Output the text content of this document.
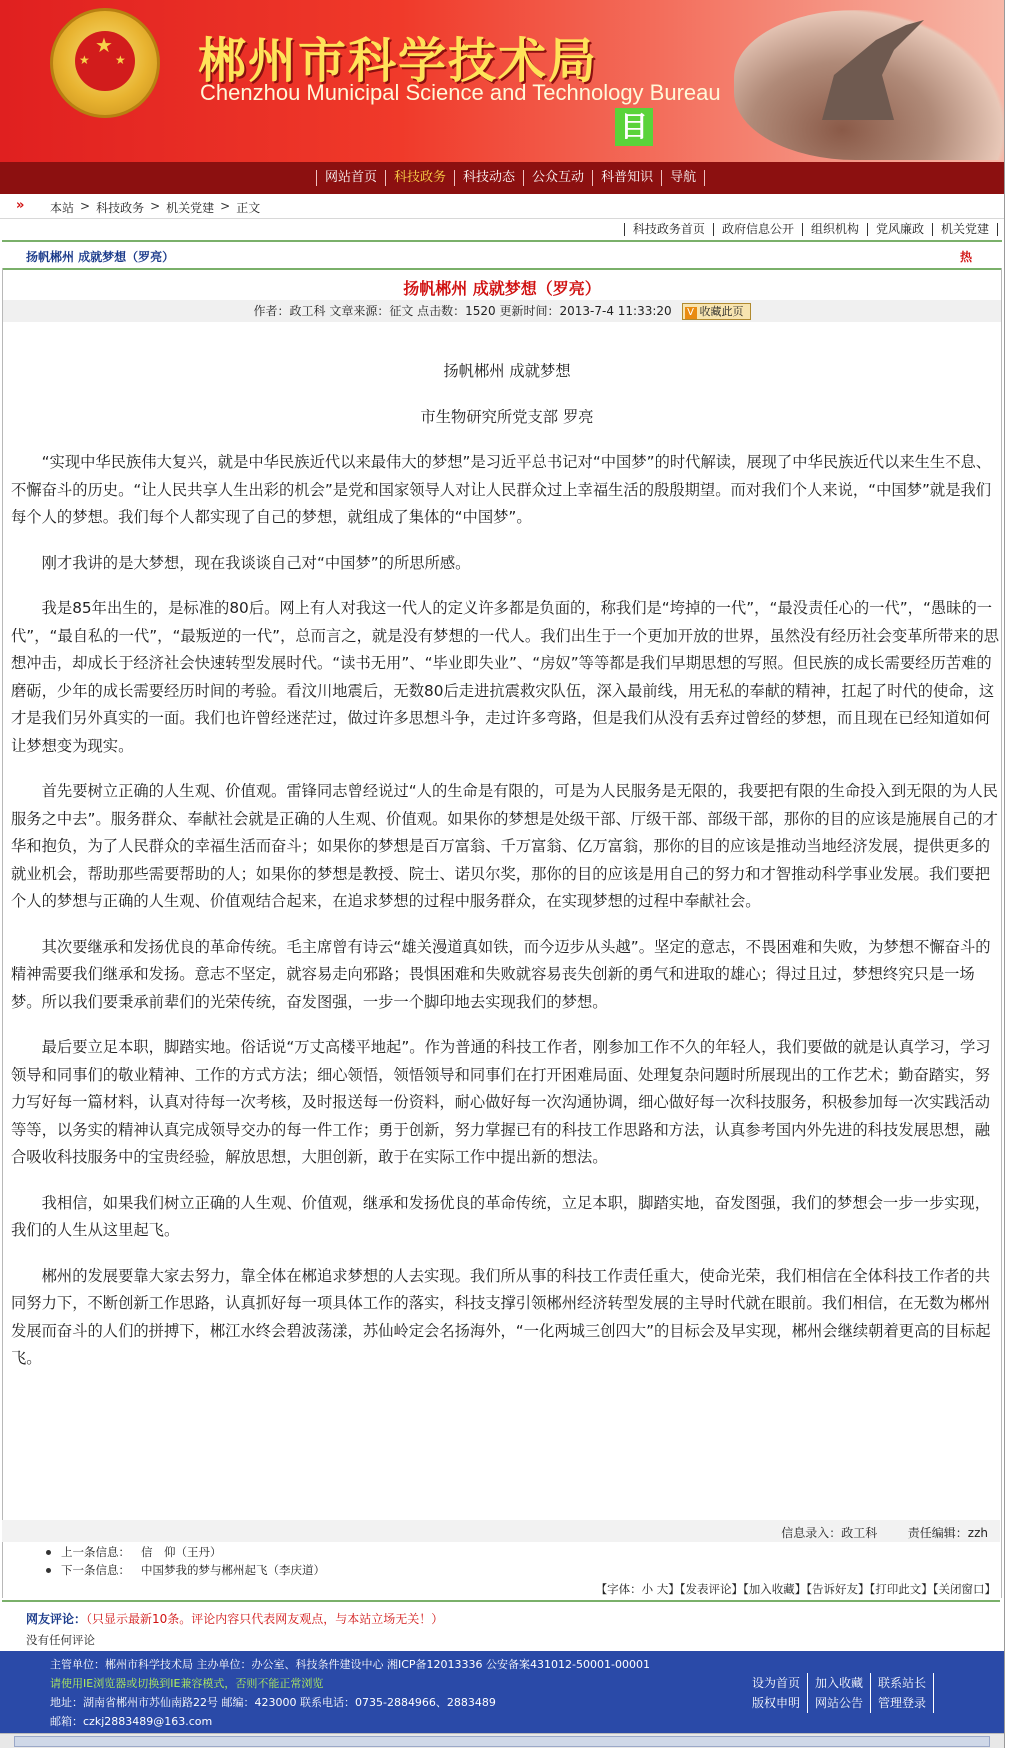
★
★ ★ 郴州市科学技术局
Chenzhou Municipal Science and Technology Bureau
目
网站首页	科技政务	科技动态	公众互动	科普知识	导航
» 本站 > 科技政务 > 机关党建 > 正文
科技政务首页	政府信息公开	组织机构	党风廉政	机关党建
扬帆郴州 成就梦想（罗亮）	热
扬帆郴州 成就梦想（罗亮）
作者：政工科 文章来源：征文 点击数：1520 更新时间：2013-7-4 11:33:20 V 收藏此页
扬帆郴州 成就梦想
市生物研究所党支部 罗亮

“实现中华民族伟大复兴，就是中华民族近代以来最伟大的梦想”是习近平总书记对“中国梦”的时代解读，展现了中华民族近代以来生生不息、不懈奋斗的历史。“让人民共享人生出彩的机会”是党和国家领导人对让人民群众过上幸福生活的殷殷期望。而对我们个人来说，“中国梦”就是我们每个人的梦想。我们每个人都实现了自己的梦想，就组成了集体的“中国梦”。

刚才我讲的是大梦想，现在我谈谈自己对“中国梦”的所思所感。

我是85年出生的，是标准的80后。网上有人对我这一代人的定义许多都是负面的，称我们是“垮掉的一代”，“最没责任心的一代”，“愚昧的一代”，“最自私的一代”，“最叛逆的一代”，总而言之，就是没有梦想的一代人。我们出生于一个更加开放的世界，虽然没有经历社会变革所带来的思想冲击，却成长于经济社会快速转型发展时代。“读书无用”、“毕业即失业”、“房奴”等等都是我们早期思想的写照。但民族的成长需要经历苦难的磨砺，少年的成长需要经历时间的考验。看汶川地震后，无数80后走进抗震救灾队伍，深入最前线，用无私的奉献的精神，扛起了时代的使命，这才是我们另外真实的一面。我们也许曾经迷茫过，做过许多思想斗争，走过许多弯路，但是我们从没有丢弃过曾经的梦想，而且现在已经知道如何让梦想变为现实。

首先要树立正确的人生观、价值观。雷锋同志曾经说过“人的生命是有限的，可是为人民服务是无限的，我要把有限的生命投入到无限的为人民服务之中去”。服务群众、奉献社会就是正确的人生观、价值观。如果你的梦想是处级干部、厅级干部、部级干部，那你的目的应该是施展自己的才华和抱负，为了人民群众的幸福生活而奋斗；如果你的梦想是百万富翁、千万富翁、亿万富翁，那你的目的应该是推动当地经济发展，提供更多的就业机会，帮助那些需要帮助的人；如果你的梦想是教授、院士、诺贝尔奖，那你的目的应该是用自己的努力和才智推动科学事业发展。我们要把个人的梦想与正确的人生观、价值观结合起来，在追求梦想的过程中服务群众，在实现梦想的过程中奉献社会。

其次要继承和发扬优良的革命传统。毛主席曾有诗云“雄关漫道真如铁，而今迈步从头越”。坚定的意志，不畏困难和失败，为梦想不懈奋斗的精神需要我们继承和发扬。意志不坚定，就容易走向邪路；畏惧困难和失败就容易丧失创新的勇气和进取的雄心；得过且过，梦想终究只是一场梦。所以我们要秉承前辈们的光荣传统，奋发图强，一步一个脚印地去实现我们的梦想。

最后要立足本职，脚踏实地。俗话说“万丈高楼平地起”。作为普通的科技工作者，刚参加工作不久的年轻人，我们要做的就是认真学习，学习领导和同事们的敬业精神、工作的方式方法；细心领悟，领悟领导和同事们在打开困难局面、处理复杂问题时所展现出的工作艺术；勤奋踏实，努力写好每一篇材料，认真对待每一次考核，及时报送每一份资料，耐心做好每一次沟通协调，细心做好每一次科技服务，积极参加每一次实践活动等等，以务实的精神认真完成领导交办的每一件工作；勇于创新，努力掌握已有的科技工作思路和方法，认真参考国内外先进的科技发展思想，融合吸收科技服务中的宝贵经验，解放思想，大胆创新，敢于在实际工作中提出新的想法。

我相信，如果我们树立正确的人生观、价值观，继承和发扬优良的革命传统，立足本职，脚踏实地，奋发图强，我们的梦想会一步一步实现，我们的人生从这里起飞。

郴州的发展要靠大家去努力，靠全体在郴追求梦想的人去实现。我们所从事的科技工作责任重大，使命光荣，我们相信在全体科技工作者的共同努力下，不断创新工作思路，认真抓好每一项具体工作的落实，科技支撑引领郴州经济转型发展的主导时代就在眼前。我们相信，在无数为郴州发展而奋斗的人们的拼搏下，郴江水终会碧波荡漾，苏仙岭定会名扬海外，“一化两城三创四大”的目标会及早实现，郴州会继续朝着更高的目标起飞。

信息录入：政工科	责任编辑：zzh
上一条信息： 信　仰（王丹）
下一条信息： 中国梦我的梦与郴州起飞（李庆道）
【字体：小 大】【发表评论】【加入收藏】【告诉好友】【打印此文】【关闭窗口】
网友评论：（只显示最新10条。评论内容只代表网友观点，与本站立场无关！）
没有任何评论
主管单位：郴州市科学技术局 主办单位：办公室、科技条件建设中心 湘ICP备12013336 公安备案431012-50001-00001
请使用IE浏览器或切换到IE兼容模式，否则不能正常浏览
地址：湖南省郴州市苏仙南路22号 邮编：423000 联系电话：0735-2884966、2883489
邮箱：czkj2883489@163.com
设为首页	加入收藏	联系站长
版权申明	网站公告	管理登录
